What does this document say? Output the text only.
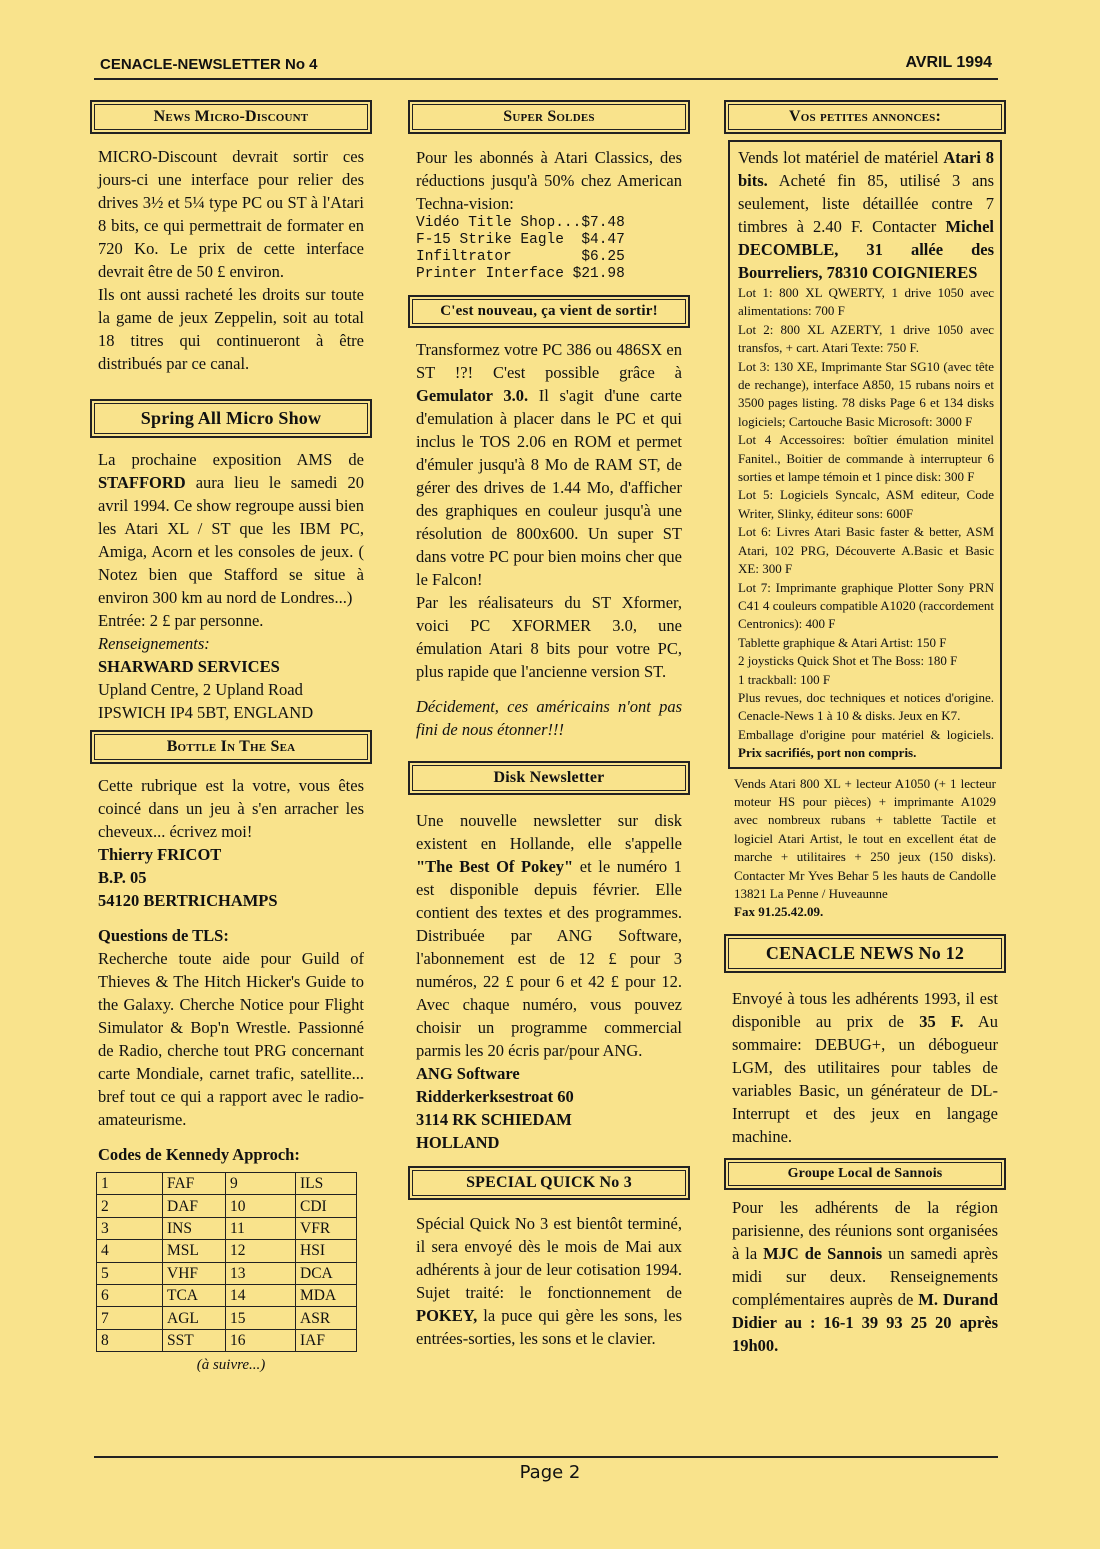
CENACLE-NEWSLETTER No 4	AVRIL 1994
News Micro-Discount

MICRO-Discount devrait sortir ces jours-ci une interface pour relier des drives 3½ et 5¼ type PC ou ST à l'Atari 8 bits, ce qui permettrait de formater en 720 Ko. Le prix de cette interface devrait être de 50 £ environ.

Ils ont aussi racheté les droits sur toute la game de jeux Zeppelin, soit au total 18 titres qui continueront à être distribués par ce canal.

Spring All Micro Show

La prochaine exposition AMS de STAFFORD aura lieu le samedi 20 avril 1994. Ce show regroupe aussi bien les Atari XL / ST que les IBM PC, Amiga, Acorn et les consoles de jeux. ( Notez bien que Stafford se situe à environ 300 km au nord de Londres...)

Entrée: 2 £ par personne.

Renseignements:

SHARWARD SERVICES

Upland Centre, 2 Upland Road

IPSWICH IP4 5BT, ENGLAND

Bottle In The Sea

Cette rubrique est la votre, vous êtes coincé dans un jeu à s'en arracher les cheveux... écrivez moi!

Thierry FRICOT

B.P. 05

54120 BERTRICHAMPS

Questions de TLS:

Recherche toute aide pour Guild of Thieves & The Hitch Hicker's Guide to the Galaxy. Cherche Notice pour Flight Simulator & Bop'n Wrestle. Passionné de Radio, cherche tout PRG concernant carte Mondiale, carnet trafic, satellite... bref tout ce qui a rapport avec le radio-amateurisme.

Codes de Kennedy Approch:

1	FAF	9	ILS
2	DAF	10	CDI
3	INS	11	VFR
4	MSL	12	HSI
5	VHF	13	DCA
6	TCA	14	MDA
7	AGL	15	ASR
8	SST	16	IAF
(à suivre...)
Super Soldes

Pour les abonnés à Atari Classics, des réductions jusqu'à 50% chez American Techna-vision:

Vidéo Title Shop...$7.48
F-15 Strike Eagle  $4.47
Infiltrator        $6.25
Printer Interface $21.98

C'est nouveau, ça vient de sortir!

Transformez votre PC 386 ou 486SX en ST !?! C'est possible grâce à Gemulator 3.0. Il s'agit d'une carte d'emulation à placer dans le PC et qui inclus le TOS 2.06 en ROM et permet d'émuler jusqu'à 8 Mo de RAM ST, de gérer des drives de 1.44 Mo, d'afficher des graphiques en couleur jusqu'à une résolution de 800x600. Un super ST dans votre PC pour bien moins cher que le Falcon!

Par les réalisateurs du ST Xformer, voici PC XFORMER 3.0, une émulation Atari 8 bits pour votre PC, plus rapide que l'ancienne version ST.

Décidement, ces américains n'ont pas fini de nous étonner!!!

Disk Newsletter

Une nouvelle newsletter sur disk existent en Hollande, elle s'appelle "The Best Of Pokey" et le numéro 1 est disponible depuis février. Elle contient des textes et des programmes. Distribuée par ANG Software, l'abonnement est de 12 £ pour 3 numéros, 22 £ pour 6 et 42 £ pour 12. Avec chaque numéro, vous pouvez choisir un programme commercial parmis les 20 écris par/pour ANG.

ANG Software

Ridderkerksestroat 60

3114 RK SCHIEDAM

HOLLAND

SPECIAL QUICK No 3

Spécial Quick No 3 est bientôt terminé, il sera envoyé dès le mois de Mai aux adhérents à jour de leur cotisation 1994. Sujet traité: le fonctionnement de POKEY, la puce qui gère les sons, les entrées-sorties, les sons et le clavier.

Vos petites annonces:

Vends lot matériel de matériel Atari 8 bits. Acheté fin 85, utilisé 3 ans seulement, liste détaillée contre 7 timbres à 2.40 F. Contacter Michel DECOMBLE, 31 allée des Bourreliers, 78310 COIGNIERES

Lot 1: 800 XL QWERTY, 1 drive 1050 avec alimentations: 700 F
Lot 2: 800 XL AZERTY, 1 drive 1050 avec transfos, + cart. Atari Texte: 750 F.
Lot 3: 130 XE, Imprimante Star SG10 (avec tête de rechange), interface A850, 15 rubans noirs et 3500 pages listing. 78 disks Page 6 et 134 disks logiciels; Cartouche Basic Microsoft: 3000 F
Lot 4 Accessoires: boîtier émulation minitel Fanitel., Boitier de commande à interrupteur 6 sorties et lampe témoin et 1 pince disk: 300 F
Lot 5: Logiciels Syncalc, ASM editeur, Code Writer, Slinky, éditeur sons: 600F
Lot 6: Livres Atari Basic faster & better, ASM Atari, 102 PRG, Découverte A.Basic et Basic XE: 300 F
Lot 7: Imprimante graphique Plotter Sony PRN C41 4 couleurs compatible A1020 (raccordement Centronics): 400 F
Tablette graphique & Atari Artist: 150 F
2 joysticks Quick Shot et The Boss: 180 F
1 trackball: 100 F
Plus revues, doc techniques et notices d'origine. Cenacle-News 1 à 10 & disks. Jeux en K7.
Emballage d'origine pour matériel & logiciels. Prix sacrifiés, port non compris.

Vends Atari 800 XL + lecteur A1050 (+ 1 lecteur moteur HS pour pièces) + imprimante A1029 avec nombreux rubans + tablette Tactile et logiciel Atari Artist, le tout en excellent état de marche + utilitaires + 250 jeux (150 disks). Contacter Mr Yves Behar 5 les hauts de Candolle 13821 La Penne / Huveaunne

Fax 91.25.42.09.

CENACLE NEWS No 12

Envoyé à tous les adhérents 1993, il est disponible au prix de 35 F. Au sommaire: DEBUG+, un débogueur LGM, des utilitaires pour tables de variables Basic, un générateur de DL-Interrupt et des jeux en langage machine.

Groupe Local de Sannois

Pour les adhérents de la région parisienne, des réunions sont organisées à la MJC de Sannois un samedi après midi sur deux. Renseignements complémentaires auprès de M. Durand Didier au : 16-1 39 93 25 20 après 19h00.

Page 2
